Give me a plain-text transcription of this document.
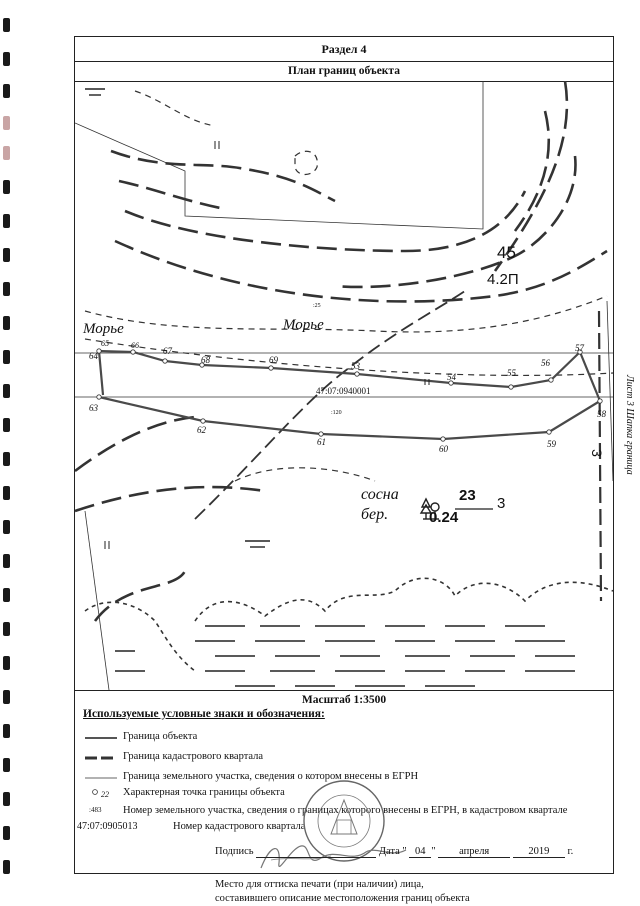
Раздел 4
План границ объекта
Морье	Морье
47:07:0940001
:120
:25
45
4.2П
сосна
бер.
23
0.24
3
3
64
65	66
67
68	69
53
54	55
56
57
58
59
60
61
62
63
Масштаб 1:3500
Используемые условные знаки и обозначения:
Граница объекта
Граница кадастрового квартала
Граница земельного участка, сведения о котором внесены в ЕГРН
22 Характерная точка границы объекта
:483 Номер земельного участка, сведения о границах которого внесены в ЕГРН, в кадастровом квартале
47:07:0905013	Номер кадастрового квартала
Подпись	Дата " 04 " апреля	2019 г.
Место для оттиска печати (при наличии) лица,
составившего описание местоположения границ объекта
Лист 3 Шапка граница
